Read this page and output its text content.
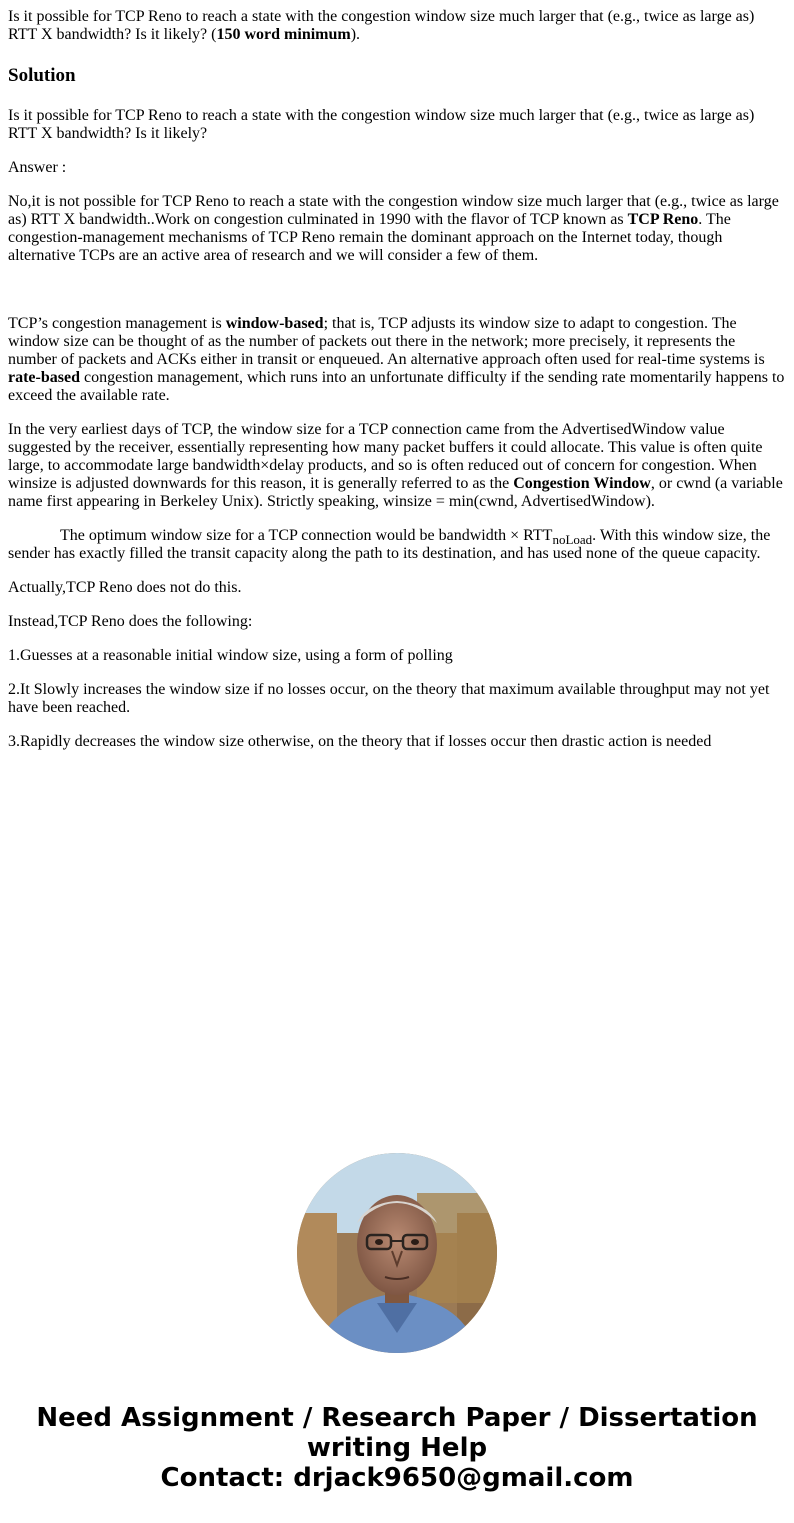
Is it possible for TCP Reno to reach a state with the congestion window size much larger that (e.g., twice as large as) RTT X bandwidth? Is it likely? (150 word minimum).

Solution

Is it possible for TCP Reno to reach a state with the congestion window size much larger that (e.g., twice as large as) RTT X bandwidth? Is it likely?

Answer :

No,it is not possible for TCP Reno to reach a state with the congestion window size much larger that (e.g., twice as large as) RTT X bandwidth..Work on congestion culminated in 1990 with the flavor of TCP known as TCP Reno. The congestion-management mechanisms of TCP Reno remain the dominant approach on the Internet today, though alternative TCPs are an active area of research and we will consider a few of them.

TCP’s congestion management is window-based; that is, TCP adjusts its window size to adapt to congestion. The window size can be thought of as the number of packets out there in the network; more precisely, it represents the number of packets and ACKs either in transit or enqueued. An alternative approach often used for real-time systems is rate-based congestion management, which runs into an unfortunate difficulty if the sending rate momentarily happens to exceed the available rate.

In the very earliest days of TCP, the window size for a TCP connection came from the AdvertisedWindow value suggested by the receiver, essentially representing how many packet buffers it could allocate. This value is often quite large, to accommodate large bandwidth×delay products, and so is often reduced out of concern for congestion. When winsize is adjusted downwards for this reason, it is generally referred to as the Congestion Window, or cwnd (a variable name first appearing in Berkeley Unix). Strictly speaking, winsize = min(cwnd, AdvertisedWindow).

The optimum window size for a TCP connection would be bandwidth × $RTT_{noLoad}$. With this window size, the sender has exactly filled the transit capacity along the path to its destination, and has used none of the queue capacity.

Actually,TCP Reno does not do this.

Instead,TCP Reno does the following:

1.Guesses at a reasonable initial window size, using a form of polling

2.It Slowly increases the window size if no losses occur, on the theory that maximum available throughput may not yet have been reached.

3.Rapidly decreases the window size otherwise, on the theory that if losses occur then drastic action is needed

Need Assignment / Research Paper / Dissertation
writing Help
Contact: drjack9650@gmail.com
